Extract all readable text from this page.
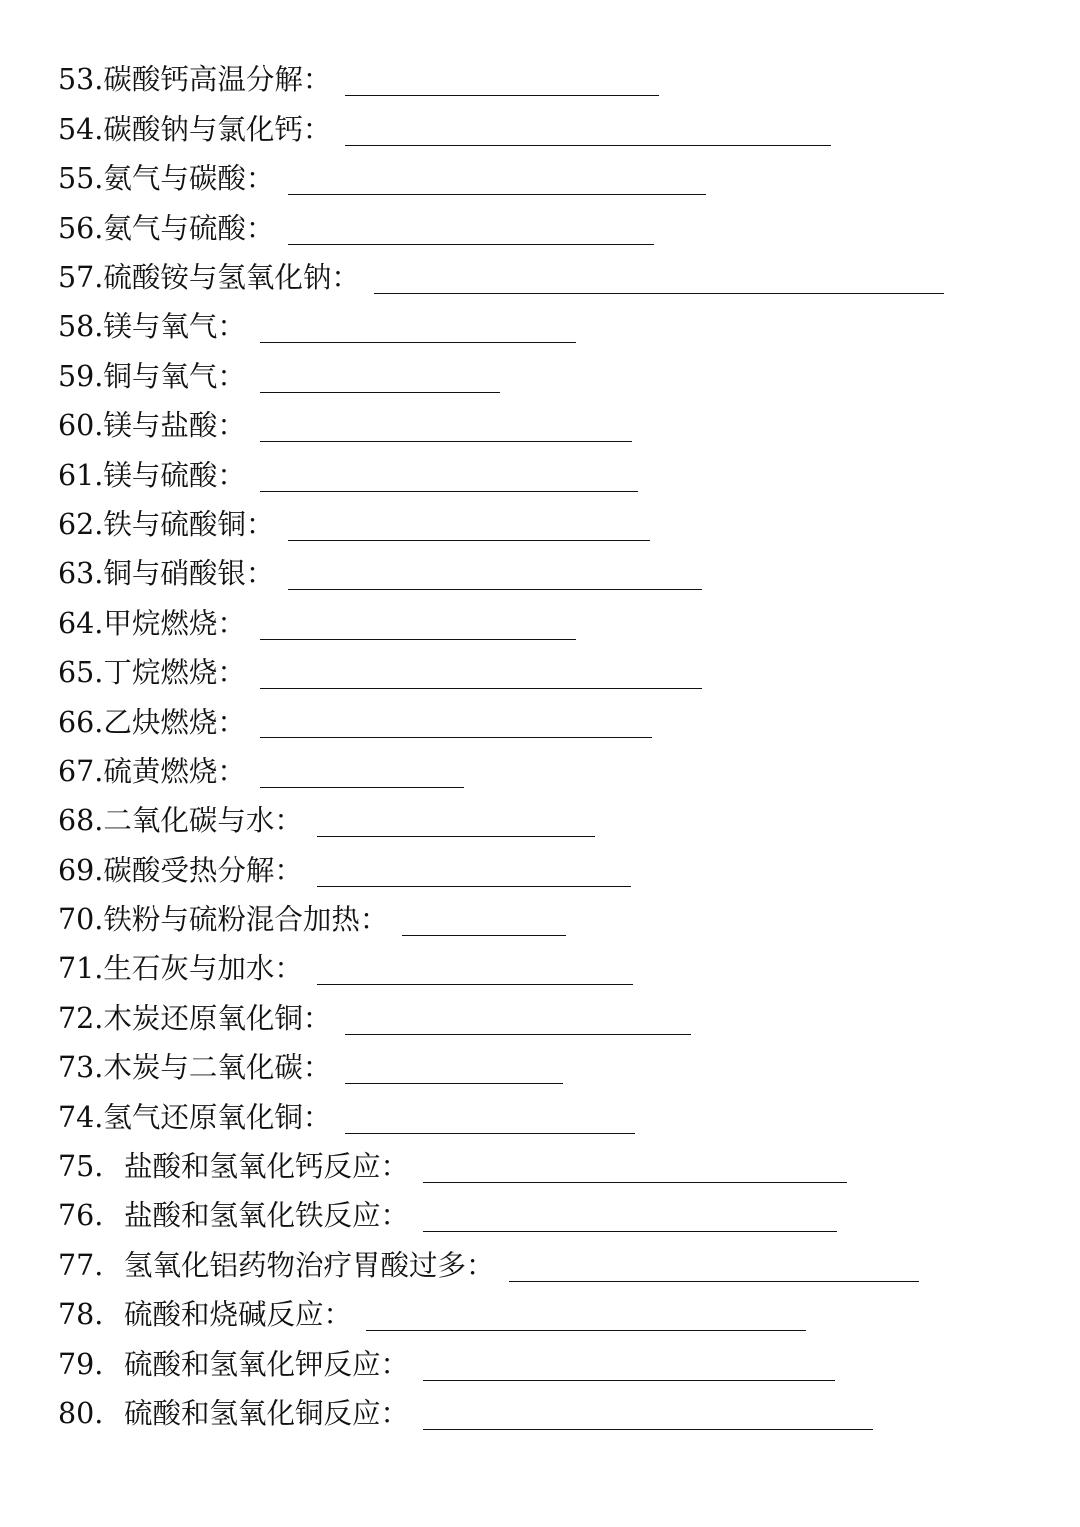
53. 碳酸钙高温分解：
54. 碳酸钠与氯化钙：
55. 氨气与碳酸：
56. 氨气与硫酸：
57. 硫酸铵与氢氧化钠：
58. 镁与氧气：
59. 铜与氧气：
60. 镁与盐酸：
61. 镁与硫酸：
62. 铁与硫酸铜：
63. 铜与硝酸银：
64. 甲烷燃烧：
65. 丁烷燃烧：
66. 乙炔燃烧：
67. 硫黄燃烧：
68. 二氧化碳与水：
69. 碳酸受热分解：
70. 铁粉与硫粉混合加热：
71. 生石灰与加水：
72. 木炭还原氧化铜：
73. 木炭与二氧化碳：
74. 氢气还原氧化铜：
75. 盐酸和氢氧化钙反应：
76. 盐酸和氢氧化铁反应：
77. 氢氧化铝药物治疗胃酸过多：
78. 硫酸和烧碱反应：
79. 硫酸和氢氧化钾反应：
80. 硫酸和氢氧化铜反应：
